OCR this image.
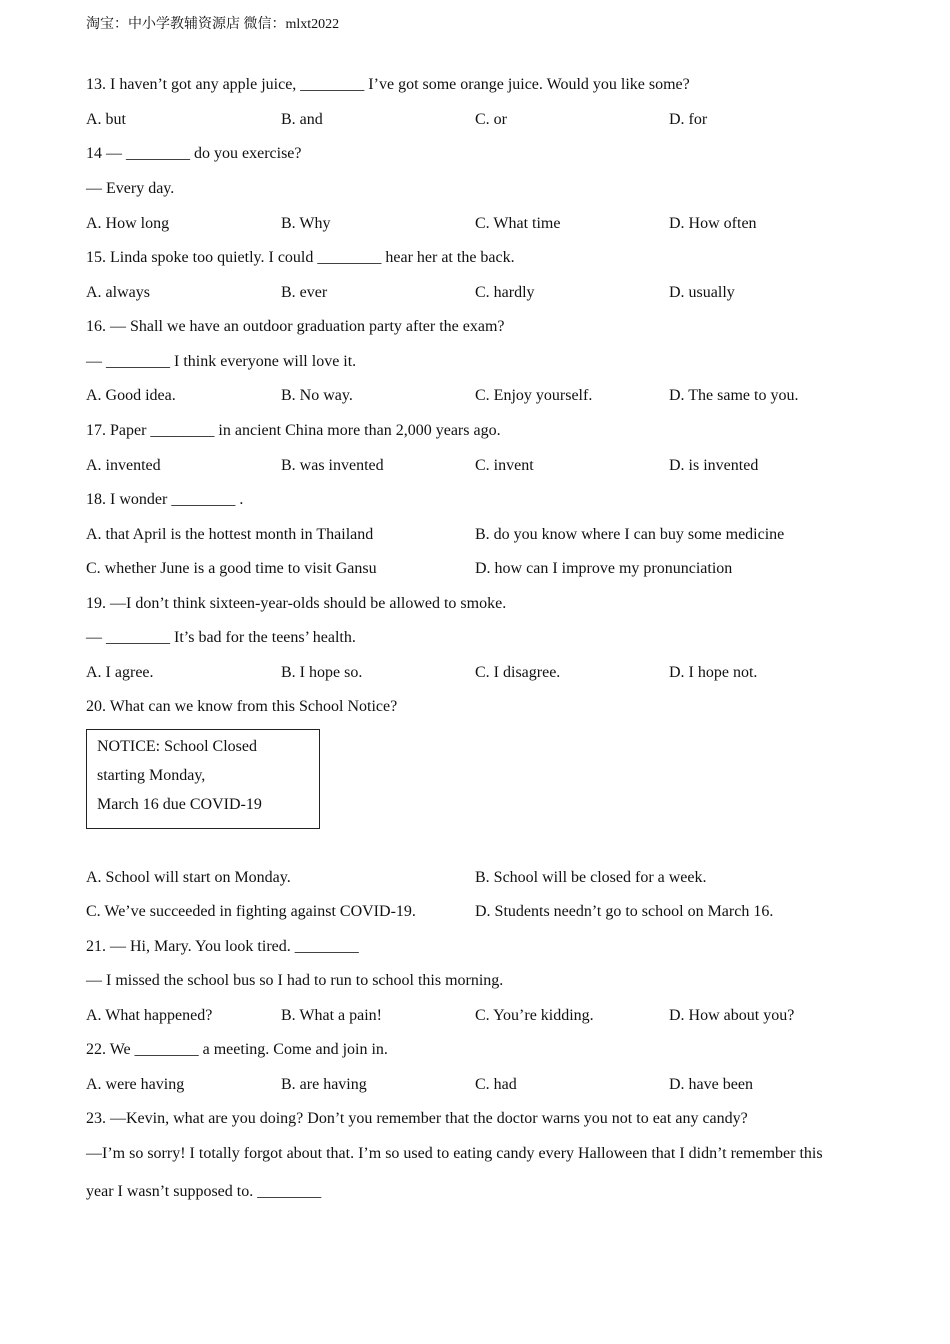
淘宝：中小学教辅资源店 微信：mlxt2022
13. I haven’t got any apple juice, ________ I’ve got some orange juice. Would you like some?
A. but	B. and	C. or	D. for
14 — ________ do you exercise?
— Every day.
A. How long	B. Why	C. What time	D. How often
15. Linda spoke too quietly. I could ________ hear her at the back.
A. always	B. ever	C. hardly	D. usually
16. — Shall we have an outdoor graduation party after the exam?
— ________ I think everyone will love it.
A. Good idea.	B. No way.	C. Enjoy yourself.	D. The same to you.
17. Paper ________ in ancient China more than 2,000 years ago.
A. invented	B. was invented	C. invent	D. is invented
18. I wonder ________ .
A. that April is the hottest month in Thailand	B. do you know where I can buy some medicine
C. whether June is a good time to visit Gansu	D. how can I improve my pronunciation
19. —I don’t think sixteen-year-olds should be allowed to smoke.
— ________ It’s bad for the teens’ health.
A. I agree.	B. I hope so.	C. I disagree.	D. I hope not.
20. What can we know from this School Notice?
NOTICE: School Closed
starting Monday,
March 16 due COVID-19
A. School will start on Monday.	B. School will be closed for a week.
C. We’ve succeeded in fighting against COVID-19.	D. Students needn’t go to school on March 16.
21. — Hi, Mary. You look tired. ________
— I missed the school bus so I had to run to school this morning.
A. What happened?	B. What a pain!	C. You’re kidding.	D. How about you?
22. We ________ a meeting. Come and join in.
A. were having	B. are having	C. had	D. have been
23. —Kevin, what are you doing? Don’t you remember that the doctor warns you not to eat any candy?
—I’m so sorry! I totally forgot about that. I’m so used to eating candy every Halloween that I didn’t remember this
year I wasn’t supposed to. ________
